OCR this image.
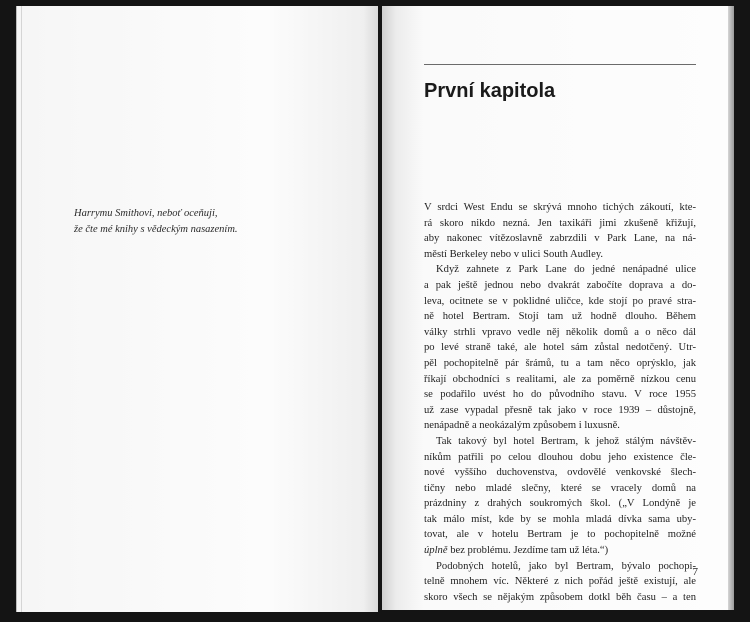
Harrymu Smithovi, neboť oceňuji,
že čte mé knihy s vědeckým nasazením.
První kapitola
V srdci West Endu se skrývá mnoho tichých zákoutí, kte-
rá skoro nikdo nezná. Jen taxikáři jimi zkušeně křižují,
aby nakonec vítězoslavně zabrzdili v Park Lane, na ná-
městí Berkeley nebo v ulici South Audley.
Když zahnete z Park Lane do jedné nenápadné ulice
a pak ještě jednou nebo dvakrát zabočíte doprava a do-
leva, ocitnete se v poklidné uličce, kde stojí po pravé stra-
ně hotel Bertram. Stojí tam už hodně dlouho. Během
války strhli vpravo vedle něj několik domů a o něco dál
po levé straně také, ale hotel sám zůstal nedotčený. Utr-
pěl pochopitelně pár šrámů, tu a tam něco oprýsklo, jak
říkají obchodníci s realitami, ale za poměrně nízkou cenu
se podařilo uvést ho do původního stavu. V roce 1955
už zase vypadal přesně tak jako v roce 1939 – důstojně,
nenápadně a neokázalým způsobem i luxusně.
Tak takový byl hotel Bertram, k jehož stálým návštěv-
níkům patřili po celou dlouhou dobu jeho existence čle-
nové vyššího duchovenstva, ovdovělé venkovské šlech-
tičny nebo mladé slečny, které se vracely domů na
prázdniny z drahých soukromých škol. („V Londýně je
tak málo míst, kde by se mohla mladá dívka sama uby-
tovat, ale v hotelu Bertram je to pochopitelně možné
úplně bez problému. Jezdíme tam už léta.“)
Podobných hotelů, jako byl Bertram, bývalo pochopi-
telně mnohem víc. Některé z nich pořád ještě existují, ale
skoro všech se nějakým způsobem dotkl běh času – a ten
7
